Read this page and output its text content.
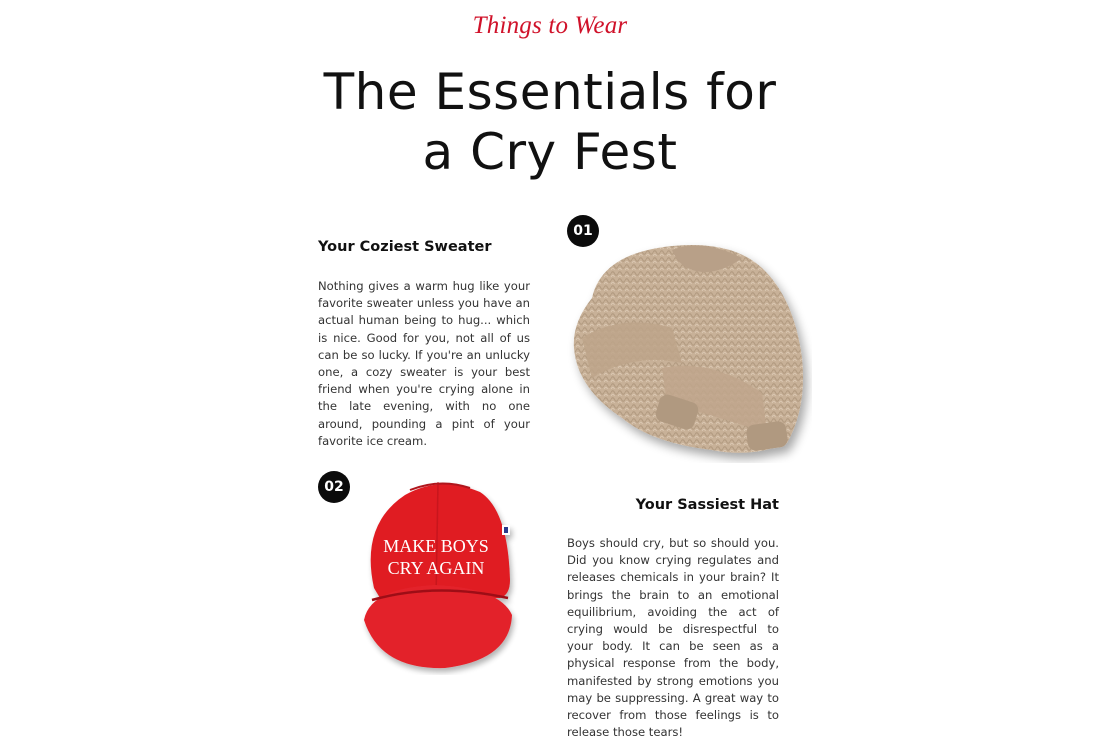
Things to Wear
The Essentials for
a Cry Fest
Your Coziest Sweater

Nothing gives a warm hug like your favorite sweater unless you have an actual human being to hug... which is nice. Good for you, not all of us can be so lucky. If you're an unlucky one, a cozy sweater is your best friend when you're crying alone in the late evening, with no one around, pounding a pint of your favorite ice cream.

01
02
MAKE BOYS
CRY AGAIN
Your Sassiest Hat

Boys should cry, but so should you. Did you know crying regulates and releases chemicals in your brain? It brings the brain to an emotional equilibrium, avoiding the act of crying would be disrespectful to your body. It can be seen as a physical response from the body, manifested by strong emotions you may be suppressing. A great way to recover from those feelings is to release those tears!
